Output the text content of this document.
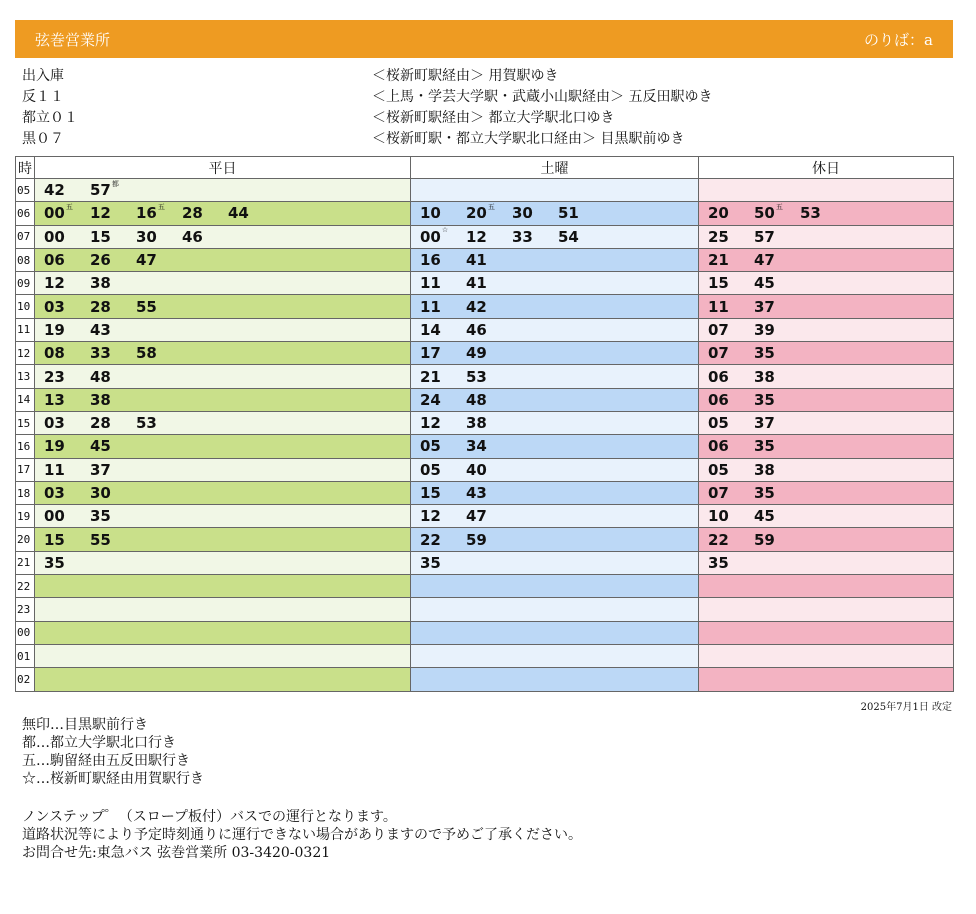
弦巻営業所	のりば：a
出入庫	＜桜新町駅経由＞ 用賀駅ゆき
反１１	＜上馬・学芸大学駅・武蔵小山駅経由＞ 五反田駅ゆき
都立０１	＜桜新町駅経由＞ 都立大学駅北口ゆき
黒０７	＜桜新町駅・都立大学駅北口経由＞ 目黒駅前ゆき
時	平日	土曜	休日
05	42 57 都		

06	00 五 12 16 五 28 44	10 20 五 30 51	20 50 五 53
07	00 15 30 46	00 ☆ 12 33 54	25 57
08	06 26 47	16 41	21 47
09	12 38	11 41	15 45
10	03 28 55	11 42	11 37
11	19 43	14 46	07 39
12	08 33 58	17 49	07 35
13	23 48	21 53	06 38
14	13 38	24 48	06 35
15	03 28 53	12 38	05 37
16	19 45	05 34	06 35
17	11 37	05 40	05 38
18	03 30	15 43	07 35
19	00 35	12 47	10 45
20	15 55	22 59	22 59
21	35	35	35
22			
23			
00			
01			
02			
2025年7月1日 改定
無印…目黒駅前行き
都…都立大学駅北口行き
五…駒留経由五反田駅行き
☆…桜新町駅経由用賀駅行き
ノンステップ゜（スロープ板付）バスでの運行となります。
道路状況等により予定時刻通りに運行できない場合がありますので予めご了承ください。
お問合せ先:東急バス 弦巻営業所 03-3420-0321
